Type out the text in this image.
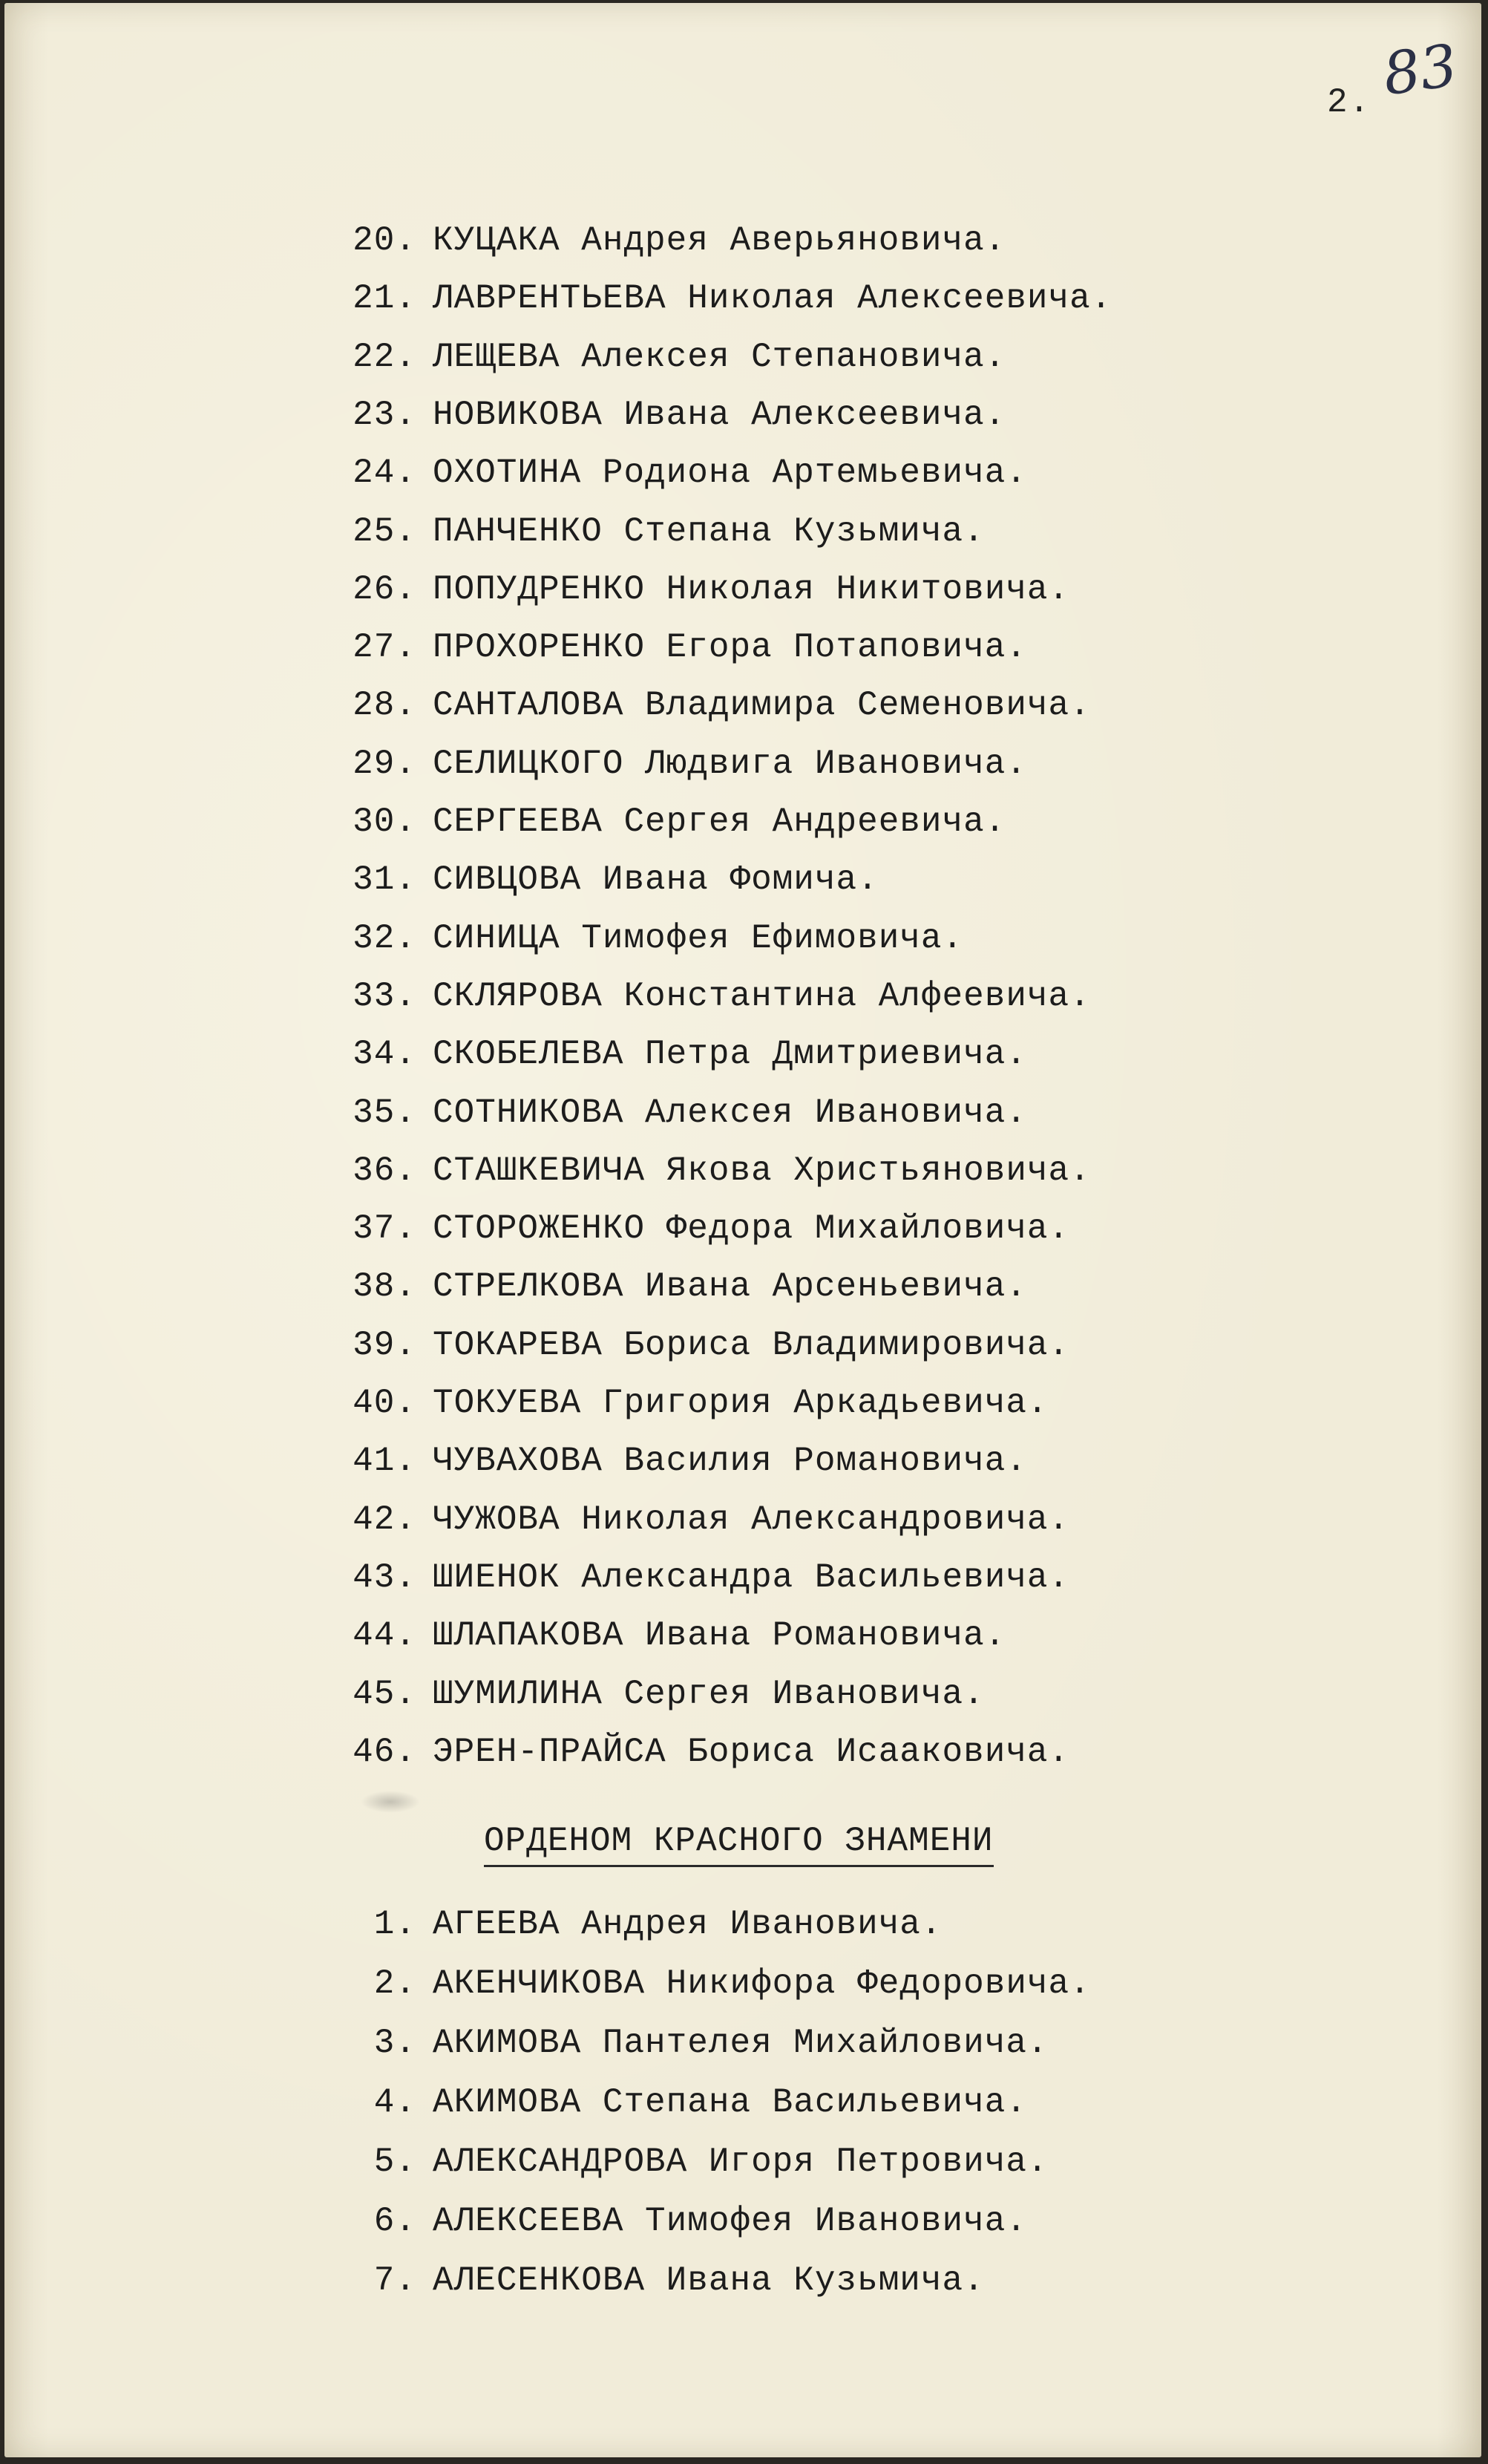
2. 83
20. КУЦАКА Андрея Аверьяновича.
21. ЛАВРЕНТЬЕВА Николая Алексеевича.
22. ЛЕЩЕВА Алексея Степановича.
23. НОВИКОВА Ивана Алексеевича.
24. ОХОТИНА Родиона Артемьевича.
25. ПАНЧЕНКО Степана Кузьмича.
26. ПОПУДРЕНКО Николая Никитовича.
27. ПРОХОРЕНКО Егора Потаповича.
28. САНТАЛОВА Владимира Семеновича.
29. СЕЛИЦКОГО Людвига Ивановича.
30. СЕРГЕЕВА Сергея Андреевича.
31. СИВЦОВА Ивана Фомича.
32. СИНИЦА Тимофея Ефимовича.
33. СКЛЯРОВА Константина Алфеевича.
34. СКОБЕЛЕВА Петра Дмитриевича.
35. СОТНИКОВА Алексея Ивановича.
36. СТАШКЕВИЧА Якова Христьяновича.
37. СТОРОЖЕНКО Федора Михайловича.
38. СТРЕЛКОВА Ивана Арсеньевича.
39. ТОКАРЕВА Бориса Владимировича.
40. ТОКУЕВА Григория Аркадьевича.
41. ЧУВАХОВА Василия Романовича.
42. ЧУЖОВА Николая Александровича.
43. ШИЕНОК Александра Васильевича.
44. ШЛАПАКОВА Ивана Романовича.
45. ШУМИЛИНА Сергея Ивановича.
46. ЭРЕН-ПРАЙСА Бориса Исааковича.
ОРДЕНОМ КРАСНОГО ЗНАМЕНИ
1. АГЕЕВА Андрея Ивановича.
2. АКЕНЧИКОВА Никифора Федоровича.
3. АКИМОВА Пантелея Михайловича.
4. АКИМОВА Степана Васильевича.
5. АЛЕКСАНДРОВА Игоря Петровича.
6. АЛЕКСЕЕВА Тимофея Ивановича.
7. АЛЕСЕНКОВА Ивана Кузьмича.
